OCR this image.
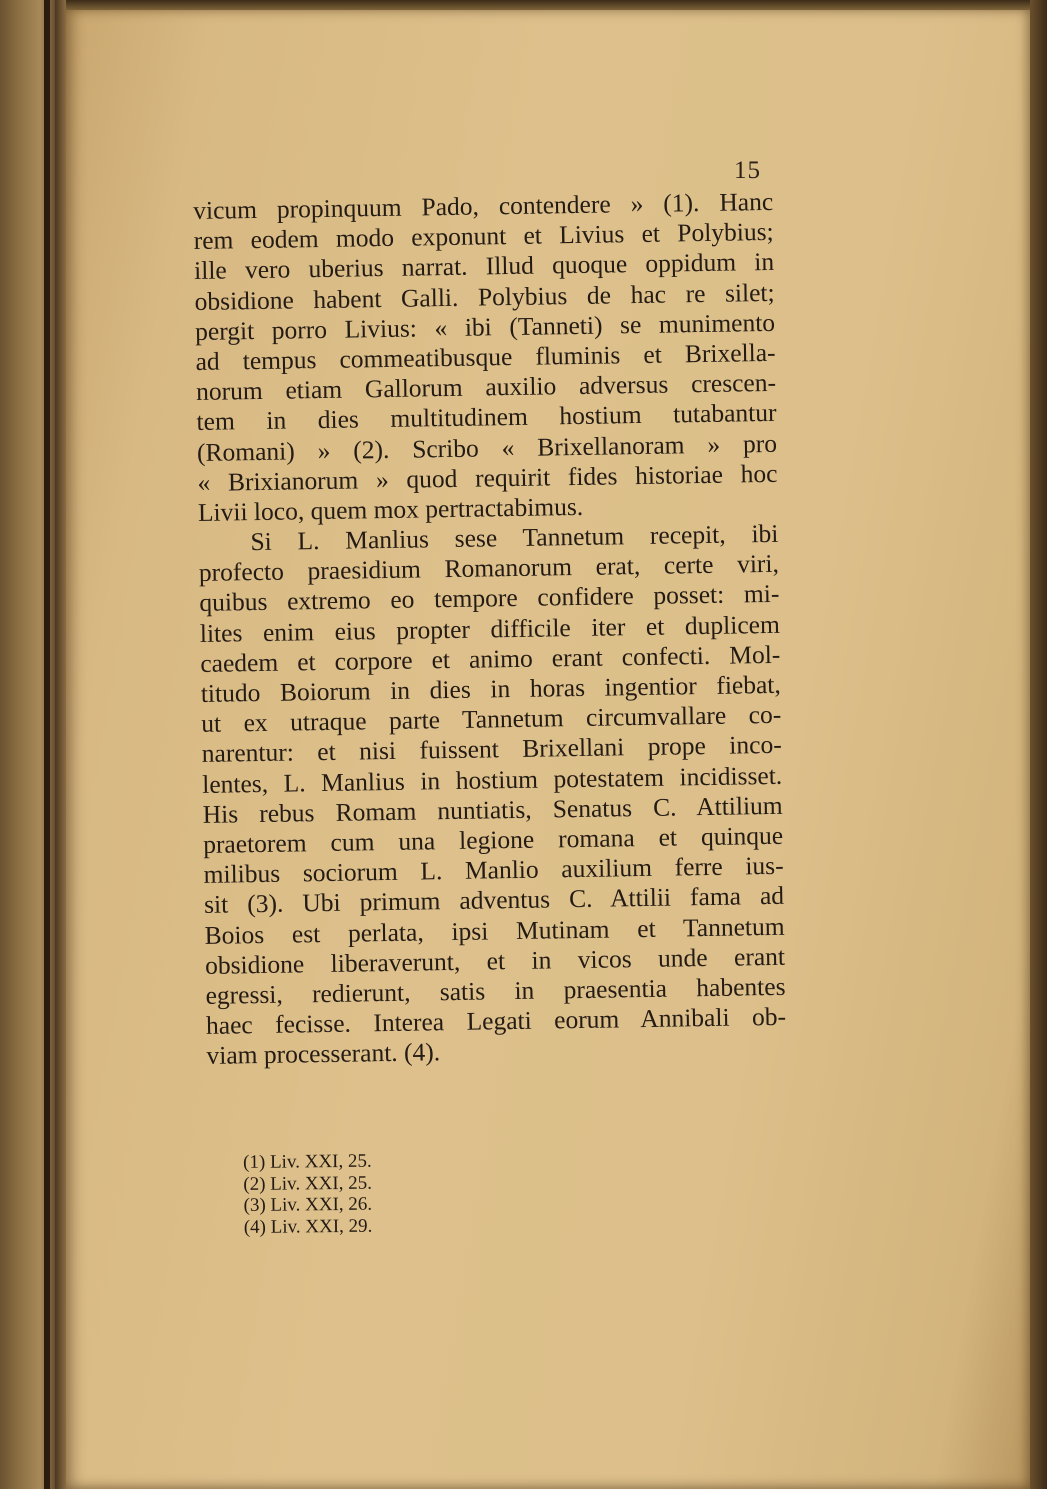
15
vicum propinquum Pado, contendere » (1). Hanc
rem eodem modo exponunt et Livius et Polybius;
ille vero uberius narrat. Illud quoque oppidum in
obsidione habent Galli. Polybius de hac re silet;
pergit porro Livius: « ibi (Tanneti) se munimento
ad tempus commeatibusque fluminis et Brixella-
norum etiam Gallorum auxilio adversus crescen-
tem in dies multitudinem hostium tutabantur
(Romani) » (2). Scribo « Brixellanoram » pro
« Brixianorum » quod requirit fides historiae hoc
Livii loco, quem mox pertractabimus.
Si L. Manlius sese Tannetum recepit, ibi
profecto praesidium Romanorum erat, certe viri,
quibus extremo eo tempore confidere posset: mi-
lites enim eius propter difficile iter et duplicem
caedem et corpore et animo erant confecti. Mol-
titudo Boiorum in dies in horas ingentior fiebat,
ut ex utraque parte Tannetum circumvallare co-
narentur: et nisi fuissent Brixellani prope inco-
lentes, L. Manlius in hostium potestatem incidisset.
His rebus Romam nuntiatis, Senatus C. Attilium
praetorem cum una legione romana et quinque
milibus sociorum L. Manlio auxilium ferre ius-
sit (3). Ubi primum adventus C. Attilii fama ad
Boios est perlata, ipsi Mutinam et Tannetum
obsidione liberaverunt, et in vicos unde erant
egressi, redierunt, satis in praesentia habentes
haec fecisse. Interea Legati eorum Annibali ob-
viam processerant. (4).
(1) Liv. XXI, 25.
(2) Liv. XXI, 25.
(3) Liv. XXI, 26.
(4) Liv. XXI, 29.
